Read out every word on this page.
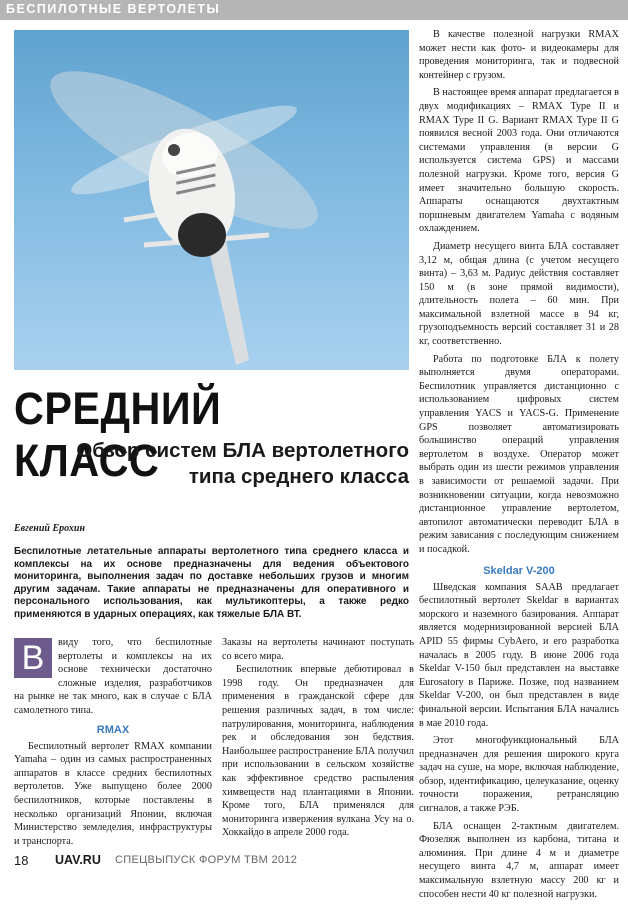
БЕСПИЛОТНЫЕ ВЕРТОЛЕТЫ

В качестве полезной нагрузки RMAX может нести как фото- и видеокамеры для проведения мониторинга, так и подвесной контейнер с грузом.

В настоящее время аппарат предлагается в двух модификациях – RMAX Type II и RMAX Type II G. Вариант RMAX Type II G появился весной 2003 года. Они отличаются системами управления (в версии G используется система GPS) и массами полезной нагрузки. Кроме того, версия G имеет значительно большую скорость. Аппараты оснащаются двухтактным поршневым двигателем Yamaha с водяным охлаждением.

Диаметр несущего винта БЛА составляет 3,12 м, общая длина (с учетом несущего винта) – 3,63 м. Радиус действия составляет 150 м (в зоне прямой видимости), длительность полета – 60 мин. При максимальной взлетной массе в 94 кг, грузоподъемность версий составляет 31 и 28 кг, соответственно.

Работа по подготовке БЛА к полету выполняется двумя операторами. Беспилотник управляется дистанционно с использованием цифровых систем управления YACS и YACS-G. Применение GPS позволяет автоматизировать большинство операций управления вертолетом в воздухе. Оператор может выбрать один из шести режимов управления в зависимости от решаемой задачи. При возникновении ситуации, когда невозможно дистанционное управление вертолетом, автопилот автоматически переводит БЛА в режим зависания с последующим снижением и посадкой.

Skeldar V-200

Шведская компания SAAB предлагает беспилотный вертолет Skeldar в вариантах морского и наземного базирования. Аппарат является модернизированной версией БЛА APID 55 фирмы CybAero, и его разработка началась в 2005 году. В июне 2006 года Skeldar V-150 был представлен на выставке Eurosatory в Париже. Позже, под названием Skeldar V-200, он был представлен в виде финальной версии. Испытания БЛА начались в мае 2010 года.

Этот многофункциональный БЛА предназначен для решения широкого круга задач на суше, на море, включая наблюдение, обзор, идентификацию, целеуказание, оценку точности поражения, ретрансляцию сигналов, а также РЭБ.

БЛА оснащен 2-тактным двигателем. Фюзеляж выполнен из карбона, титана и алюминия. При длине 4 м и диаметре несущего винта 4,7 м, аппарат имеет максимальную взлетную массу 200 кг и способен нести 40 кг полезной нагрузки.

СРЕДНИЙ КЛАСС
Обзор систем БЛА вертолетного
типа среднего класса
Евгений Ерохин
Беспилотные летательные аппараты вертолетного типа среднего класса и комплексы на их основе предназначены для ведения объектового мониторинга, выполнения задач по доставке небольших грузов и многим другим задачам. Такие аппараты не предназначены для оперативного и персонального использования, как мультикоптеры, а также редко применяются в ударных операциях, как тяжелые БЛА ВТ.
В	виду того, что беспилотные вертолеты и комплексы на их основе технически достаточно сложные изделия, разработчиков на рынке не так много, как в случае с БЛА самолетного типа.

RMAX

Беспилотный вертолет RMAX компании Yamaha – один из самых распространенных аппаратов в классе средних беспилотных вертолетов. Уже выпущено более 2000 беспилотников, которые поставлены в несколько организаций Японии, включая Министерство земледелия, инфраструктуры и транспорта.

Заказы на вертолеты начинают поступать со всего мира.

Беспилотник впервые дебютировал в 1998 году. Он предназначен для применения в гражданской сфере для решения различных задач, в том числе: патрулирования, мониторинга, наблюдения рек и обследования зон бедствия. Наибольшее распространение БЛА получил при использовании в сельском хозяйстве как эффективное средство распыления химвеществ над плантациями в Японии. Кроме того, БЛА применялся для мониторинга извержения вулкана Усу на о. Хоккайдо в апреле 2000 года.

18 UAV.RU СПЕЦВЫПУСК ФОРУМ ТВМ 2012
